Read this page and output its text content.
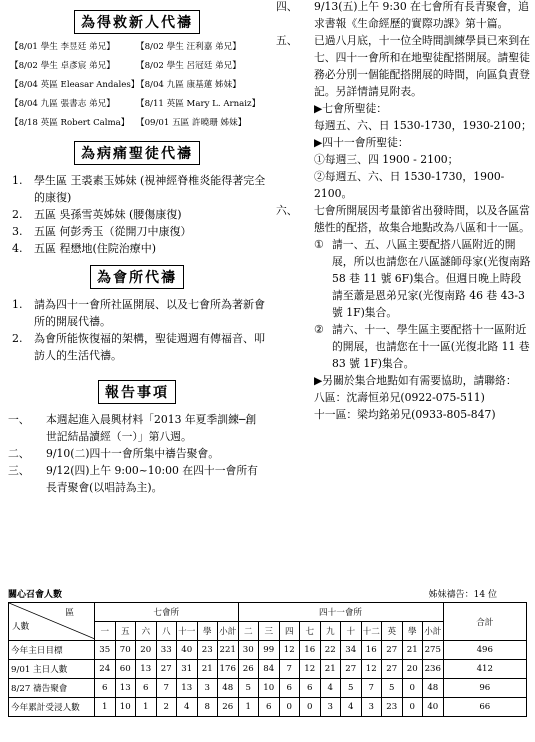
為得救新人代禱
【8/01 學生 李昱廷 弟兄】 【8/02 學生 汪利嘉 弟兄】
【8/02 學生 卓彥宸 弟兄】 【8/02 學生 呂冠廷 弟兄】
【8/04 英區 Eleasar Andales】【8/04 九區 康基蓮 姊妹】
【8/04 九區 張書志 弟兄】 【8/11 英區 Mary L. Arnaiz】
【8/18 英區 Robert Calma】 【09/01 五區 許曉珊 姊妹】
為病痛聖徒代禱
1.	學生區 王裘素玉姊妹 (視神經脊椎炎能得著完全的康復)
2.	五區 吳孫雪英姊妹 (腰傷康復)
3.	五區 何彭秀玉（從開刀中康復）
4.	五區 程懋地(住院治療中)
為會所代禱
1.	請為四十一會所社區開展、以及七會所為著新會所的開展代禱。
2.	為會所能恢復福的架構，聖徒週週有傳福音、叩訪人的生活代禱。
報告事項
一、	本週起進入晨興材料「2013 年夏季訓練─創世記結晶讀經（一）」第八週。
二、	9/10(二)四十一會所集中禱告聚會。
三、	9/12(四)上午 9:00~10:00 在四十一會所有長青聚會(以唱詩為主)。
四、	9/13(五)上午 9:30 在七會所有長青聚會，追求書報《生命經歷的實際功課》第十篇。
五、	已過八月底，十一位全時間訓練學員已來到在七、四十一會所和在地聖徒配搭開展。請聖徒務必分別一個能配搭開展的時間，向區負責登記。另詳情請見附表。
▶七會所聖徒：
每週五、六、日 1530-1730，1930-2100；
▶四十一會所聖徒：
①每週三、四 1900 - 2100；
②每週五、六、日 1530-1730，1900-2100。
六、	七會所開展因考量節省出發時間，以及各區當態性的配搭，故集合地點改為八區和十一區。
① 請一、五、八區主要配搭八區附近的開展，所以也請您在八區謎師母家(光復南路 58 巷 11 號 6F)集合。但週日晚上時段請至蕭是恩弟兄家(光復南路 46 巷 43-3 號 1F)集合。
② 請六、十一、學生區主要配搭十一區附近的開展，也請您在十一區(光復北路 11 巷 83 號 1F)集合。
▶另關於集合地點如有需要協助，請聯絡：
八區：沈壽恒弟兄(0922-075-511)
十一區：梁均銘弟兄(0933-805-847)
關心召會人數	姊妹禱告：14 位
區
人數	七會所							四十一會所										合計
	一	五	六	八	十一	學	小計	二	三	四	七	九	十	十二	英	學	小計	
今年主日目標	35	70	20	33	40	23	221	30	99	12	16	22	34	16	27	21	275	496
9/01 主日人數	24	60	13	27	31	21	176	26	84	7	12	21	27	12	27	20	236	412
8/27 禱告聚會	6	13	6	7	13	3	48	5	10	6	6	4	5	7	5	0	48	96
今年累計受浸人數	1	10	1	2	4	8	26	1	6	0	0	3	4	3	23	0	40	66
